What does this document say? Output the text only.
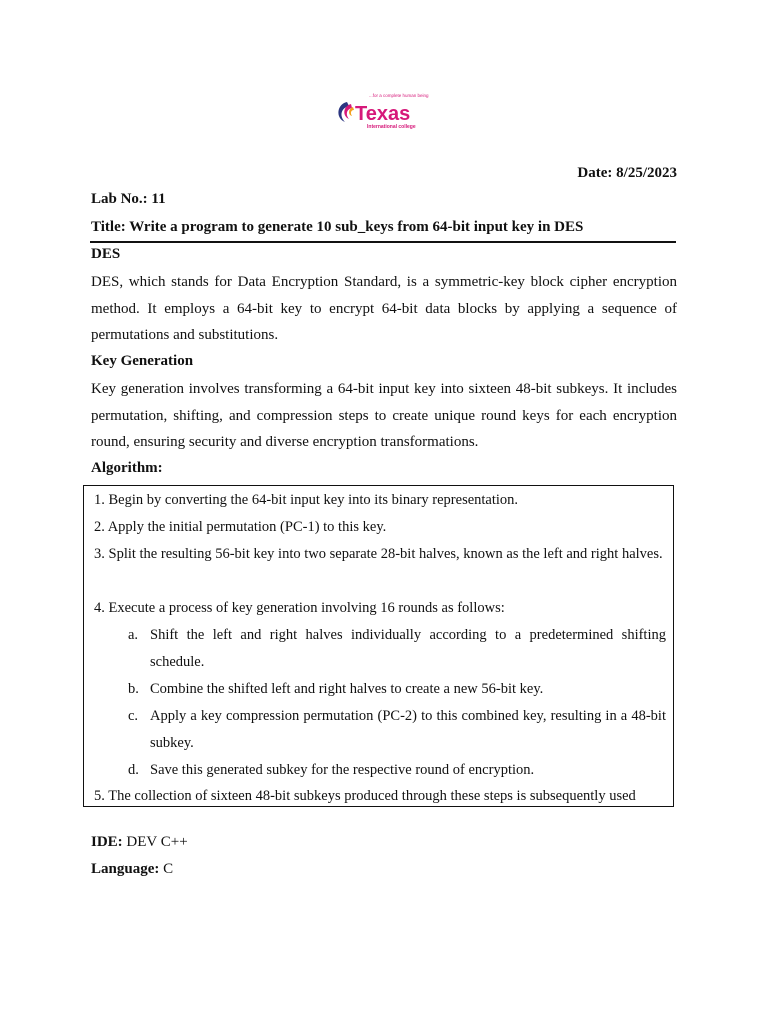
...for a complete human being
Texas
International college
Date: 8/25/2023
Lab No.: 11
Title: Write a program to generate 10 sub_keys from 64-bit input key in DES
DES
DES, which stands for Data Encryption Standard, is a symmetric-key block cipher encryption method. It employs a 64-bit key to encrypt 64-bit data blocks by applying a sequence of permutations and substitutions.
Key Generation
Key generation involves transforming a 64-bit input key into sixteen 48-bit subkeys. It includes permutation, shifting, and compression steps to create unique round keys for each encryption round, ensuring security and diverse encryption transformations.
Algorithm:
1. Begin by converting the 64-bit input key into its binary representation.
2. Apply the initial permutation (PC-1) to this key.
3. Split the resulting 56-bit key into two separate 28-bit halves, known as the left and right halves.
4. Execute a process of key generation involving 16 rounds as follows:
a. Shift the left and right halves individually according to a predetermined shifting schedule.
b. Combine the shifted left and right halves to create a new 56-bit key.
c. Apply a key compression permutation (PC-2) to this combined key, resulting in a 48-bit subkey.
d. Save this generated subkey for the respective round of encryption.
5. The collection of sixteen 48-bit subkeys produced through these steps is subsequently used
IDE: DEV C++
Language: C
